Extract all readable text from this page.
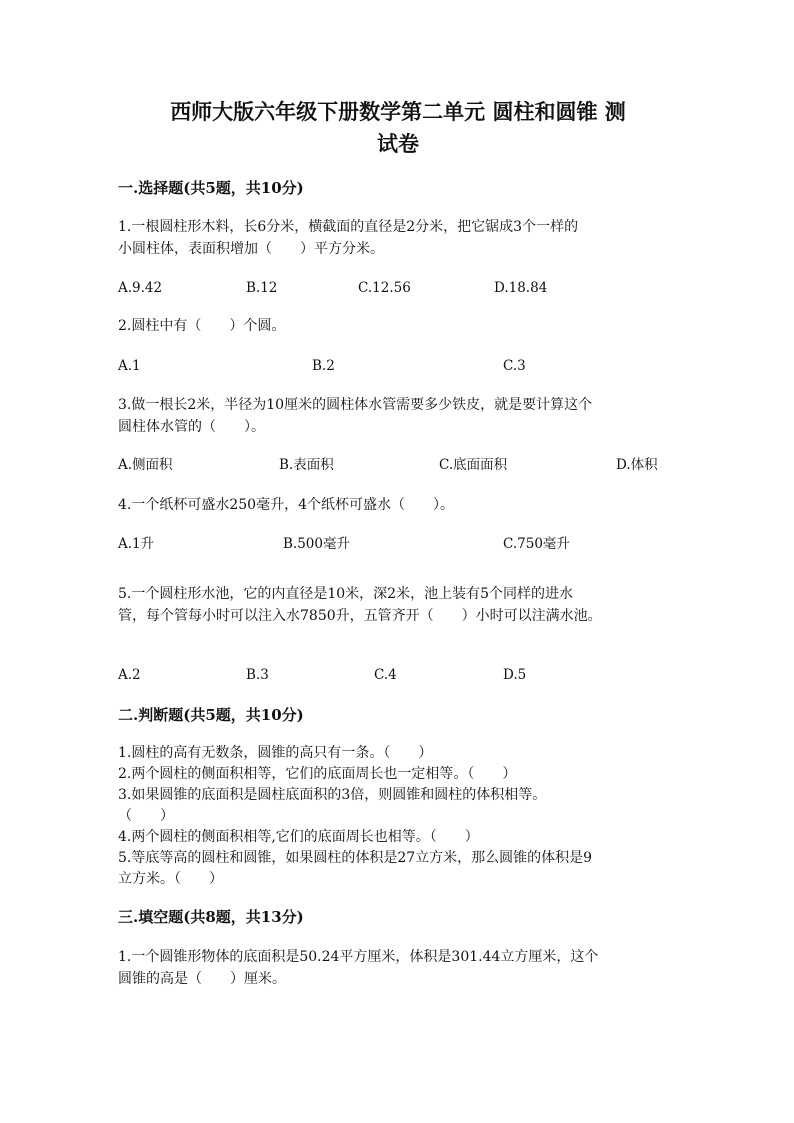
西师大版六年级下册数学第二单元 圆柱和圆锥 测
试卷
一.选择题(共5题，共10分)
1.一根圆柱形木料，长6分米，横截面的直径是2分米，把它锯成3个一样的
小圆柱体，表面积增加（　　）平方分米。
A.9.42	B.12	C.12.56	D.18.84
2.圆柱中有（　　）个圆。
A.1	B.2	C.3
3.做一根长2米，半径为10厘米的圆柱体水管需要多少铁皮，就是要计算这个
圆柱体水管的（　　）。
A.侧面积	B.表面积	C.底面面积	D.体积
4.一个纸杯可盛水250毫升，4个纸杯可盛水（　　）。
A.1升	B.500毫升	C.750毫升
5.一个圆柱形水池，它的内直径是10米，深2米，池上装有5个同样的进水
管，每个管每小时可以注入水7850升，五管齐开（　　）小时可以注满水池。
A.2	B.3	C.4	D.5
二.判断题(共5题，共10分)
1.圆柱的高有无数条，圆锥的高只有一条。（　　）
2.两个圆柱的侧面积相等，它们的底面周长也一定相等。（　　）
3.如果圆锥的底面积是圆柱底面积的3倍，则圆锥和圆柱的体积相等。
（　　）
4.两个圆柱的侧面积相等,它们的底面周长也相等。（　　）
5.等底等高的圆柱和圆锥，如果圆柱的体积是27立方米，那么圆锥的体积是9
立方米。（　　）
三.填空题(共8题，共13分)
1.一个圆锥形物体的底面积是50.24平方厘米，体积是301.44立方厘米，这个
圆锥的高是（　　）厘米。
